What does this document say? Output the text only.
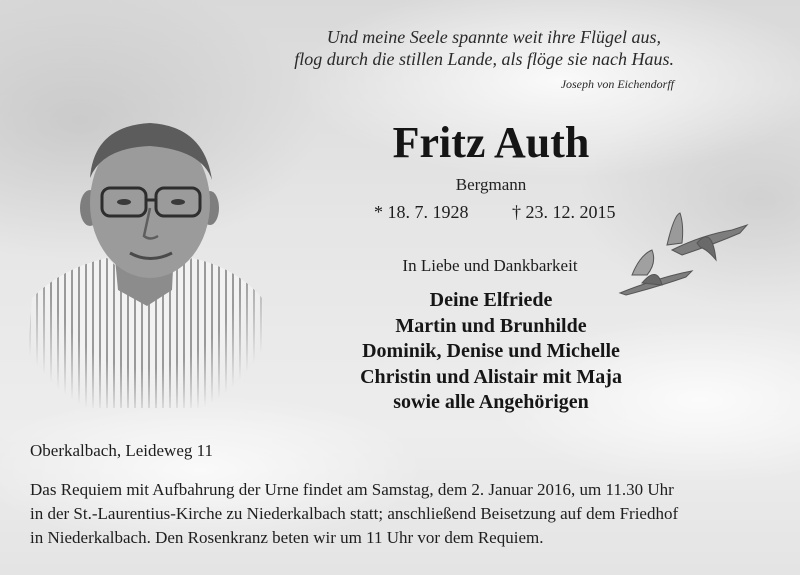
Und meine Seele spannte weit ihre Flügel aus,
flog durch die stillen Lande, als flöge sie nach Haus.
Joseph von Eichendorff
Fritz Auth
Bergmann
* 18. 7. 1928 † 23. 12. 2015
In Liebe und Dankbarkeit
Deine Elfriede
Martin und Brunhilde
Dominik, Denise und Michelle
Christin und Alistair mit Maja
sowie alle Angehörigen
Oberkalbach, Leideweg 11
Das Requiem mit Aufbahrung der Urne findet am Samstag, dem 2. Januar 2016, um 11.30 Uhr
in der St.-Laurentius-Kirche zu Niederkalbach statt; anschließend Beisetzung auf dem Friedhof
in Niederkalbach. Den Rosenkranz beten wir um 11 Uhr vor dem Requiem.
